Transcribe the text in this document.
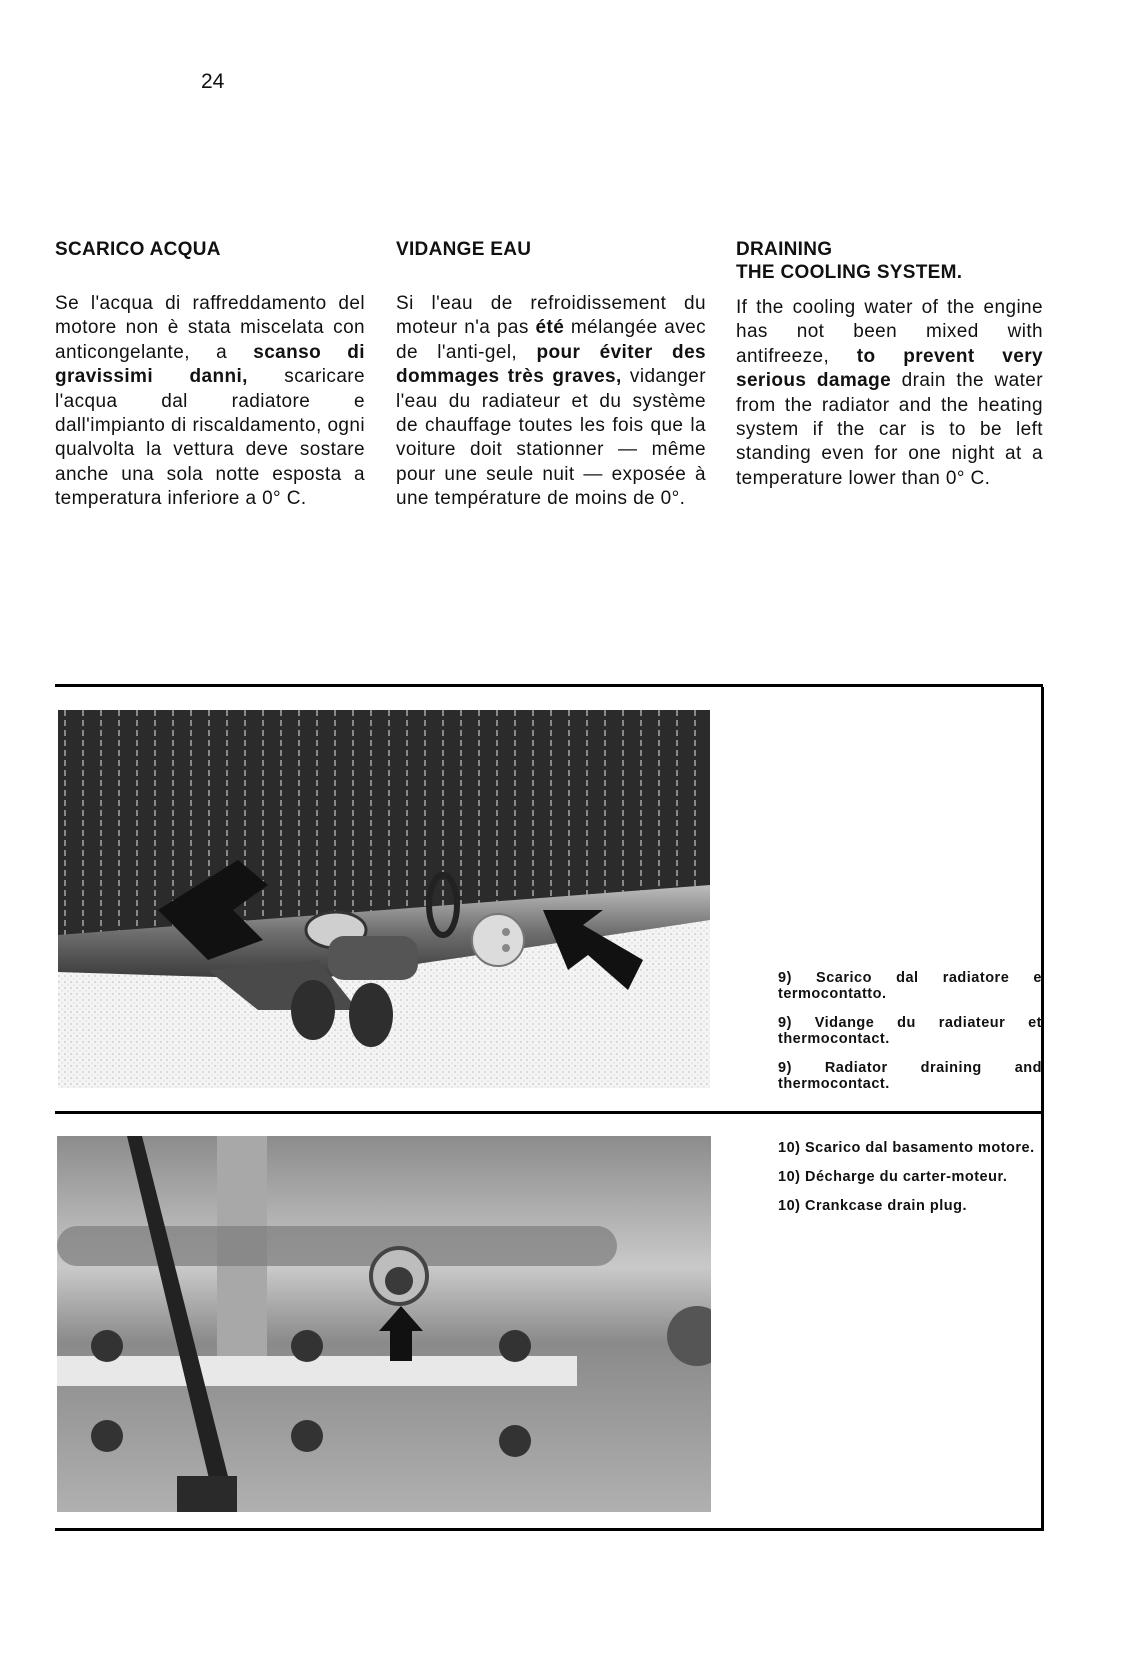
24
SCARICO ACQUA

Se l'acqua di raffreddamento del motore non è stata miscelata con anticongelante, a scanso di gravissimi danni, scaricare l'acqua dal radiatore e dall'impianto di riscaldamento, ogni qualvolta la vettura deve sostare anche una sola notte esposta a temperatura inferiore a 0° C.

VIDANGE EAU

Si l'eau de refroidissement du moteur n'a pas été mélangée avec de l'anti-gel, pour éviter des dommages très graves, vidanger l'eau du radiateur et du système de chauffage toutes les fois que la voiture doit stationner — même pour une seule nuit — exposée à une température de moins de 0°.

DRAINING
THE COOLING SYSTEM.

If the cooling water of the engine has not been mixed with antifreeze, to prevent very serious damage drain the water from the radiator and the heating system if the car is to be left standing even for one night at a temperature lower than 0° C.

9) Scarico dal radiatore e termocontatto.

9) Vidange du radiateur et thermocontact.

9) Radiator draining and thermocontact.

10) Scarico dal basamento motore.

10) Décharge du carter-moteur.

10) Crankcase drain plug.
